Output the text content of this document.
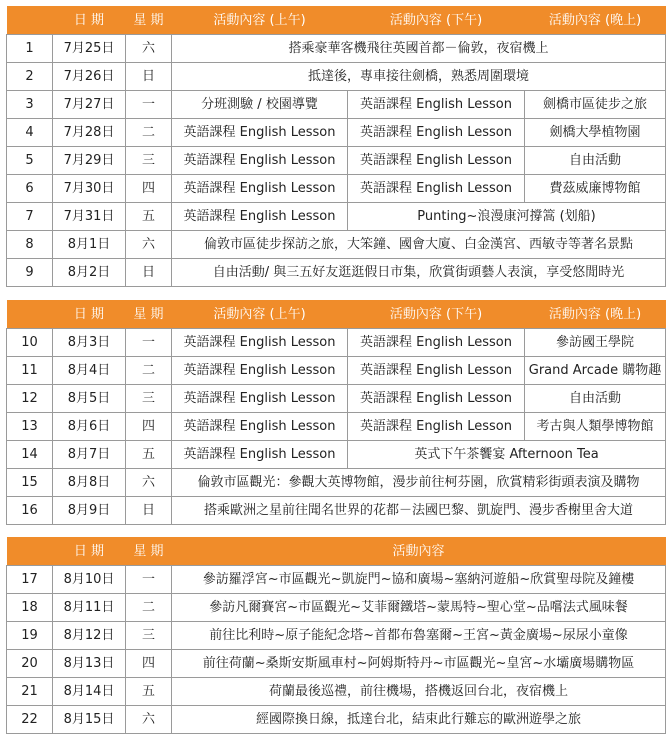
	日 期	星 期	活動內容 (上午)	活動內容 (下午)	活動內容 (晚上)
1	7月25日	六	搭乘豪華客機飛往英國首都－倫敦，夜宿機上		
2	7月26日	日	抵達後，專車接往劍橋，熟悉周圍環境		
3	7月27日	一	分班測驗 / 校園導覽	英語課程 English Lesson	劍橋市區徒步之旅
4	7月28日	二	英語課程 English Lesson	英語課程 English Lesson	劍橋大學植物園
5	7月29日	三	英語課程 English Lesson	英語課程 English Lesson	自由活動
6	7月30日	四	英語課程 English Lesson	英語課程 English Lesson	費茲威廉博物館
7	7月31日	五	英語課程 English Lesson	Punting~浪漫康河撐篙 (划船)	
8	8月1日	六	倫敦市區徒步探訪之旅，大笨鐘、國會大廈、白金漢宮、西敏寺等著名景點		
9	8月2日	日	自由活動/ 與三五好友逛逛假日市集，欣賞街頭藝人表演，享受悠閒時光		
	日 期	星 期	活動內容 (上午)	活動內容 (下午)	活動內容 (晚上)
10	8月3日	一	英語課程 English Lesson	英語課程 English Lesson	參訪國王學院
11	8月4日	二	英語課程 English Lesson	英語課程 English Lesson	Grand Arcade 購物趣
12	8月5日	三	英語課程 English Lesson	英語課程 English Lesson	自由活動
13	8月6日	四	英語課程 English Lesson	英語課程 English Lesson	考古與人類學博物館
14	8月7日	五	英語課程 English Lesson	英式下午茶饗宴 Afternoon Tea	
15	8月8日	六	倫敦市區觀光：參觀大英博物館，漫步前往柯芬園，欣賞精彩街頭表演及購物		
16	8月9日	日	搭乘歐洲之星前往聞名世界的花都－法國巴黎、凱旋門、漫步香榭里舍大道		
	日 期	星 期	活動內容
17	8月10日	一	參訪羅浮宮~市區觀光~凱旋門~協和廣場~塞納河遊船~欣賞聖母院及鐘樓
18	8月11日	二	參訪凡爾賽宮~市區觀光~艾菲爾鐵塔~蒙馬特~聖心堂~品嚐法式風味餐
19	8月12日	三	前往比利時~原子能紀念塔~首都布魯塞爾~王宮~黃金廣場~尿尿小童像
20	8月13日	四	前往荷蘭~桑斯安斯風車村~阿姆斯特丹~市區觀光~皇宮~水壩廣場購物區
21	8月14日	五	荷蘭最後巡禮，前往機場，搭機返回台北，夜宿機上
22	8月15日	六	經國際換日線，抵達台北，結束此行難忘的歐洲遊學之旅
